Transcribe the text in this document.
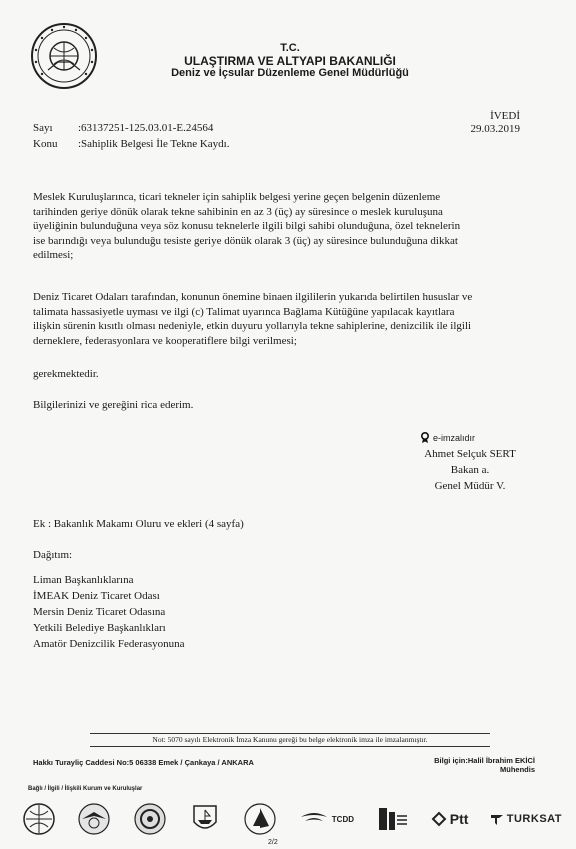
T.C.
ULAŞTIRMA VE ALTYAPI BAKANLIĞI
Deniz ve İçsular Düzenleme Genel Müdürlüğü
Sayı :63137251-125.03.01-E.24564
Konu :Sahiplik Belgesi İle Tekne Kaydı.
İVEDİ
29.03.2019
Meslek Kuruluşlarınca, ticari tekneler için sahiplik belgesi yerine geçen belgenin düzenleme
tarihinden geriye dönük olarak tekne sahibinin en az 3 (üç) ay süresince o meslek kuruluşuna
üyeliğinin bulunduğuna veya söz konusu teknelerle ilgili bilgi sahibi olunduğuna, özel teknelerin
ise barındığı veya bulunduğu tesiste geriye dönük olarak 3 (üç) ay süresince bulunduğuna dikkat
edilmesi;
Deniz Ticaret Odaları tarafından, konunun önemine binaen ilgililerin yukarıda belirtilen hususlar ve
talimata hassasiyetle uyması ve ilgi (c) Talimat uyarınca Bağlama Kütüğüne yapılacak kayıtlara
ilişkin sürenin kısıtlı olması nedeniyle, etkin duyuru yollarıyla tekne sahiplerine, denizcilik ile ilgili
derneklere, federasyonlara ve kooperatiflere bilgi verilmesi;
gerekmektedir.
Bilgilerinizi ve gereğini rica ederim.
e-imzalıdır
Ahmet Selçuk SERT
Bakan a.
Genel Müdür V.
Ek : Bakanlık Makamı Oluru ve ekleri (4 sayfa)
Dağıtım:
Liman Başkanlıklarına
İMEAK Deniz Ticaret Odası
Mersin Deniz Ticaret Odasına
Yetkili Belediye Başkanlıkları
Amatör Denizcilik Federasyonuna
Not: 5070 sayılı Elektronik İmza Kanunu gereği bu belge elektronik imza ile imzalanmıştır.
Hakkı Turayliç Caddesi No:5 06338 Emek / Çankaya / ANKARA	Bilgi için:Halil İbrahim EKİCİ
Mühendis
Bağlı / İlgili / İlişkili Kurum ve Kuruluşlar
TCDD	Ptt	TURKSAT
2/2
